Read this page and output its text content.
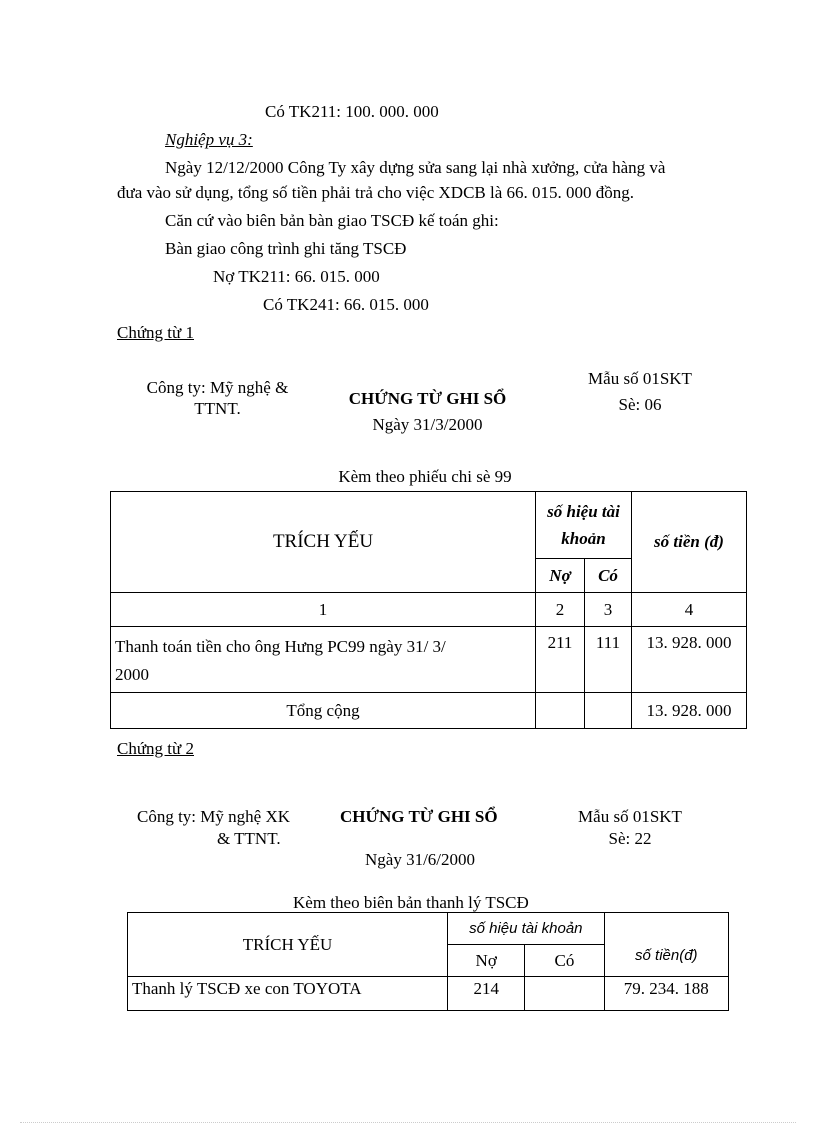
Có TK211: 100. 000. 000
Nghiệp vụ 3:
Ngày 12/12/2000 Công Ty xây dựng sửa sang lại nhà xưởng, cửa hàng và
đưa vào sử dụng, tổng số tiền phải trả cho việc XDCB là 66. 015. 000 đồng.
Căn cứ vào biên bản bàn giao TSCĐ kế toán ghi:
Bàn giao công trình ghi tăng TSCĐ
Nợ TK211: 66. 015. 000
Có TK241: 66. 015. 000
Chứng từ 1
Công ty: Mỹ nghệ &
TTNT.
CHỨNG TỪ GHI SỔ
Ngày 31/3/2000
Mẫu số 01SKT
Sè: 06
Kèm theo phiếu chi sè 99
TRÍCH YẾU	số hiệu tài
khoản		số tiền (đ)
	Nợ	Có	
1	2	3	4
Thanh toán tiền cho ông Hưng PC99 ngày 31/ 3/
2000	211	111	13. 928. 000
Tổng cộng			13. 928. 000
Chứng từ 2
Công ty: Mỹ nghệ XK
& TTNT.
CHỨNG TỪ GHI SỔ
Ngày 31/6/2000
Mẫu số 01SKT
Sè: 22
Kèm theo biên bản thanh lý TSCĐ
TRÍCH YẾU	số hiệu tài khoản		số tiền(đ)
	Nợ	Có	
Thanh lý TSCĐ xe con TOYOTA	214		79. 234. 188
